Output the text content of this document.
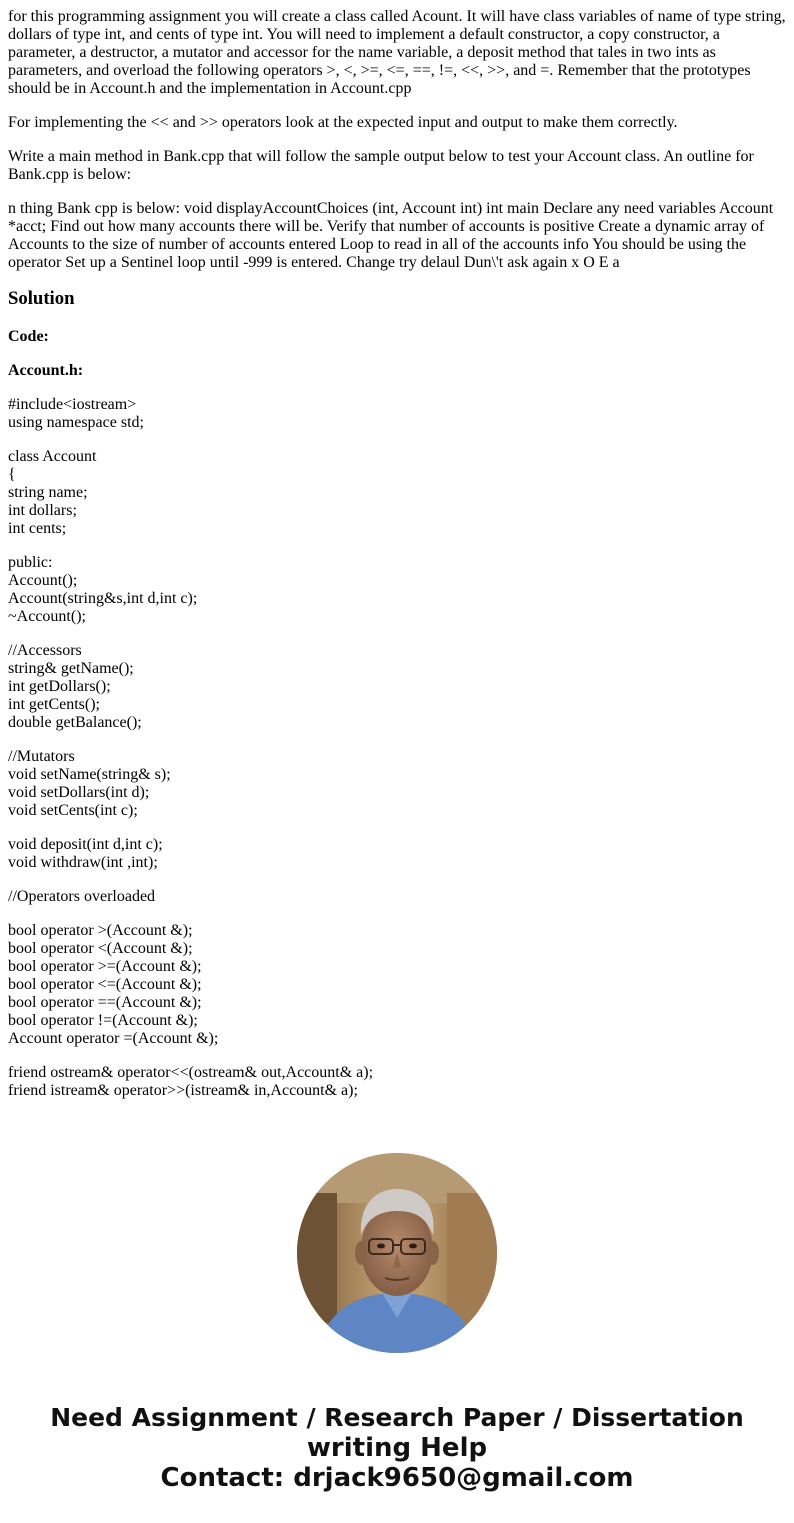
for this programming assignment you will create a class called Acount. It will have class variables of name of type string, dollars of type int, and cents of type int. You will need to implement a default constructor, a copy constructor, a parameter, a destructor, a mutator and accessor for the name variable, a deposit method that tales in two ints as parameters, and overload the following operators >, <, >=, <=, ==, !=, <<, >>, and =. Remember that the prototypes should be in Account.h and the implementation in Account.cpp

For implementing the << and >> operators look at the expected input and output to make them correctly.

Write a main method in Bank.cpp that will follow the sample output below to test your Account class. An outline for Bank.cpp is below:

n thing Bank cpp is below: void displayAccountChoices (int, Account int) int main Declare any need variables Account *acct; Find out how many accounts there will be. Verify that number of accounts is positive Create a dynamic array of Accounts to the size of number of accounts entered Loop to read in all of the accounts info You should be using the operator Set up a Sentinel loop until -999 is entered. Change try delaul Dun\'t ask again x O E a

Solution

Code:

Account.h:

#include<iostream>
using namespace std;
class Account
{
string name;
int dollars;
int cents;
public:
Account();
Account(string&s,int d,int c);
~Account();
//Accessors
string& getName();
int getDollars();
int getCents();
double getBalance();
//Mutators
void setName(string& s);
void setDollars(int d);
void setCents(int c);
void deposit(int d,int c);
void withdraw(int ,int);
//Operators overloaded
bool operator >(Account &);
bool operator <(Account &);
bool operator >=(Account &);
bool operator <=(Account &);
bool operator ==(Account &);
bool operator !=(Account &);
Account operator =(Account &);
friend ostream& operator<<(ostream& out,Account& a);
friend istream& operator>>(istream& in,Account& a);
Need Assignment / Research Paper / Dissertation
writing Help
Contact: drjack9650@gmail.com
